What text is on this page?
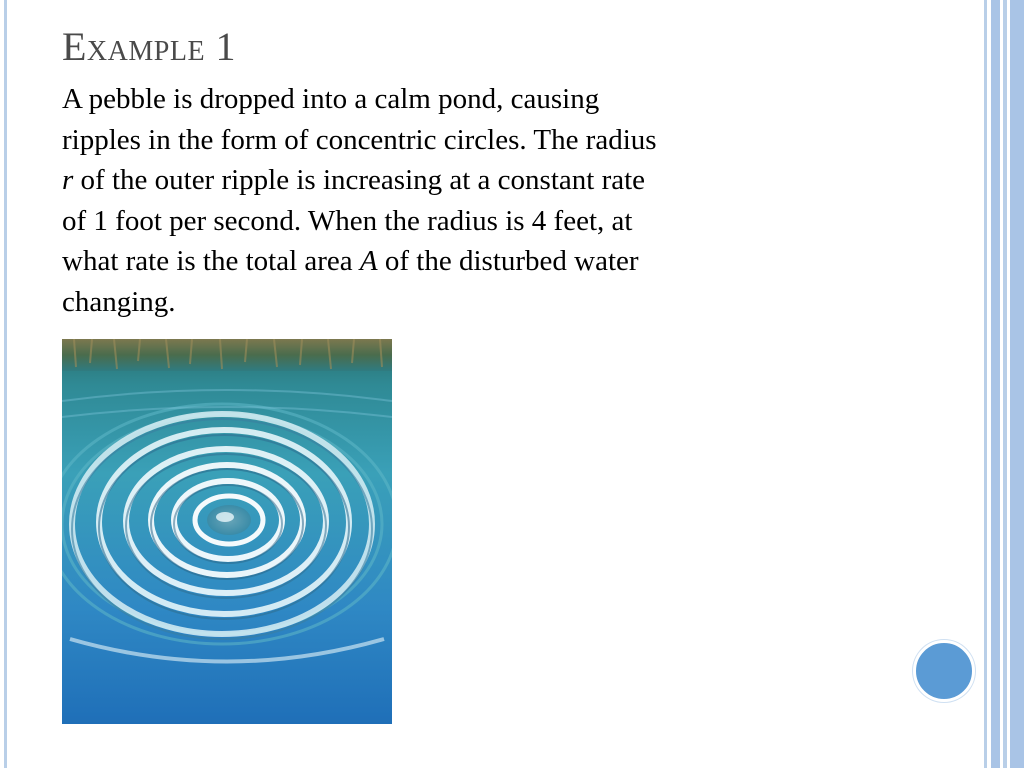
Example 1

A pebble is dropped into a calm pond, causing
ripples in the form of concentric circles. The radius
r of the outer ripple is increasing at a constant rate
of 1 foot per second. When the radius is 4 feet, at
what rate is the total area A of the disturbed water
changing.
